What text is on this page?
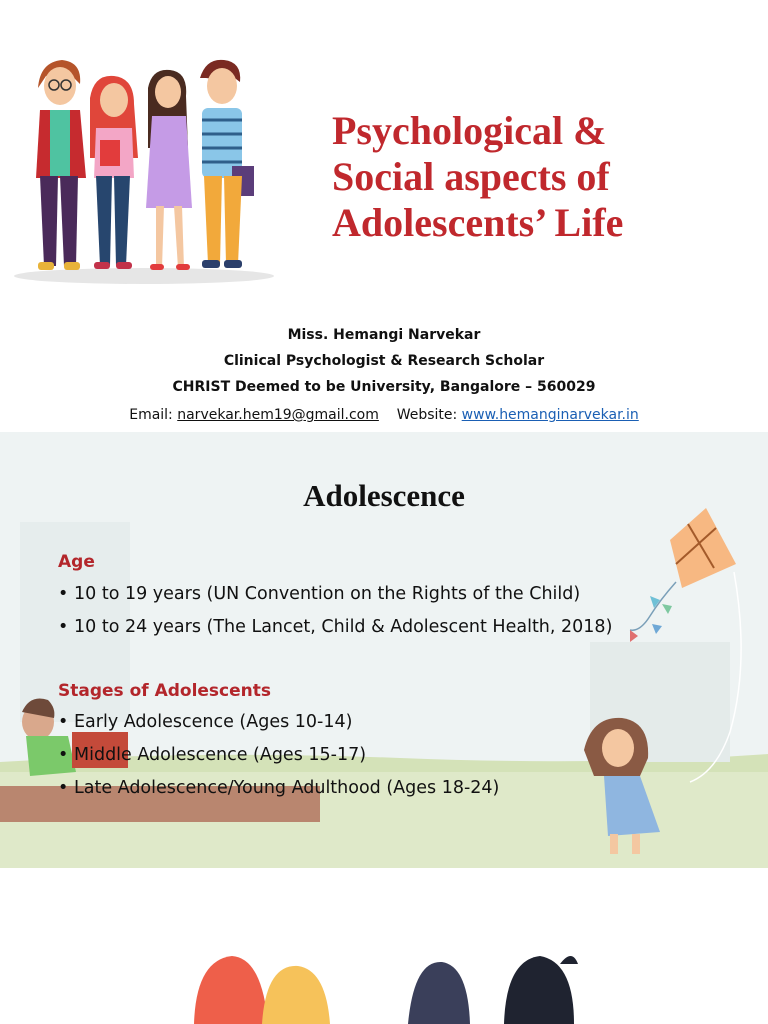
Psychological &
Social aspects of
Adolescents’ Life
Miss. Hemangi Narvekar
Clinical Psychologist & Research Scholar
CHRIST Deemed to be University, Bangalore – 560029
Email: narvekar.hem19@gmail.com Website: www.hemanginarvekar.in
Adolescence
Age
• 10 to 19 years (UN Convention on the Rights of the Child)
• 10 to 24 years (The Lancet, Child & Adolescent Health, 2018)
Stages of Adolescents
• Early Adolescence (Ages 10-14)
• Middle Adolescence (Ages 15-17)
• Late Adolescence/Young Adulthood (Ages 18-24)
